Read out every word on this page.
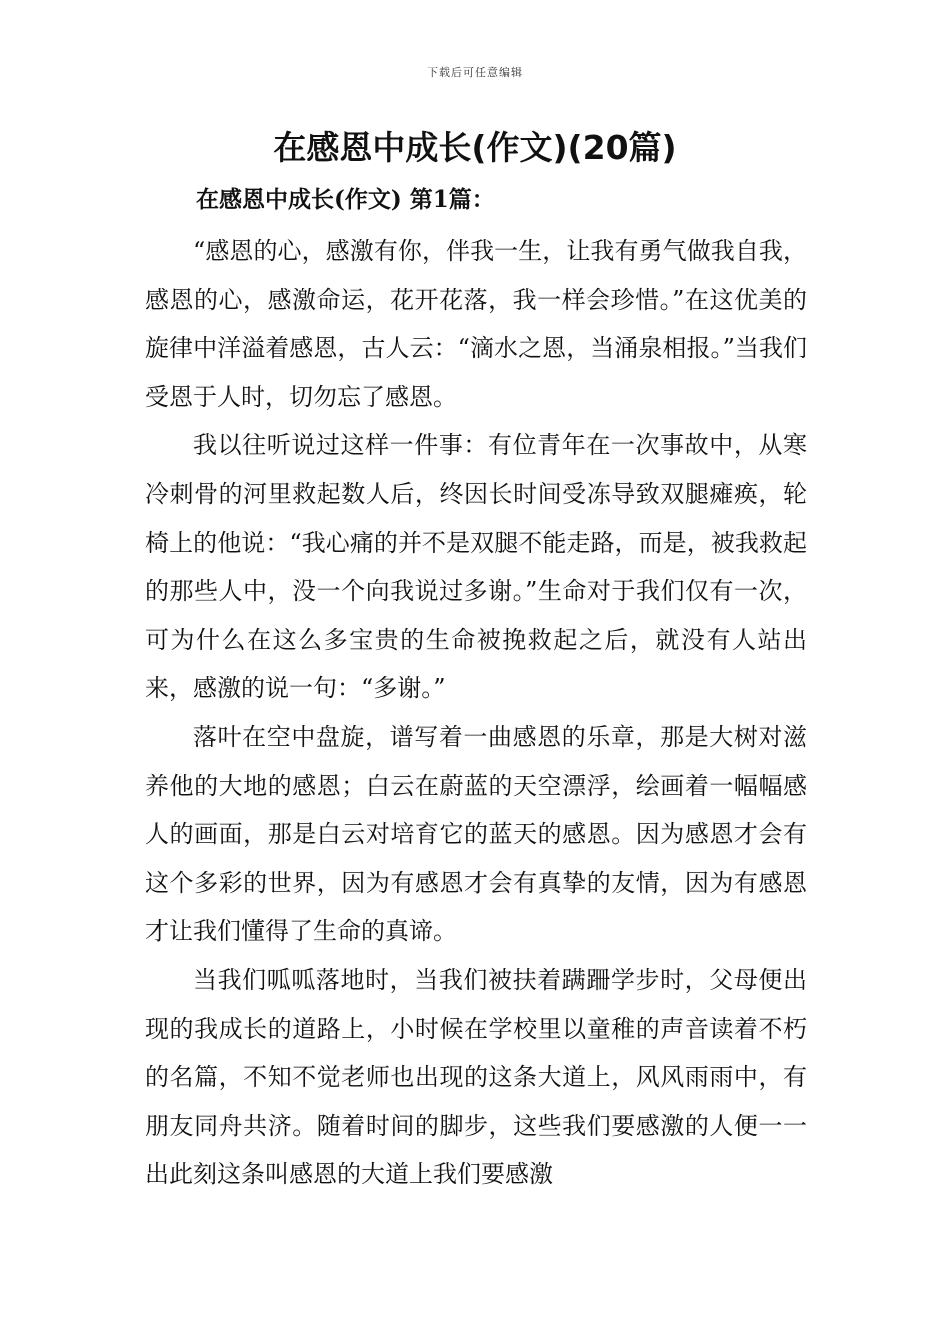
下载后可任意编辑
在感恩中成长(作文)(20篇)
在感恩中成长(作文) 第1篇：

“感恩的心，感激有你，伴我一生，让我有勇气做我自我，感恩的心，感激命运，花开花落，我一样会珍惜。”在这优美的旋律中洋溢着感恩，古人云：“滴水之恩，当涌泉相报。”当我们受恩于人时，切勿忘了感恩。

我以往听说过这样一件事：有位青年在一次事故中，从寒冷刺骨的河里救起数人后，终因长时间受冻导致双腿瘫痪，轮椅上的他说：“我心痛的并不是双腿不能走路，而是，被我救起的那些人中，没一个向我说过多谢。”生命对于我们仅有一次，可为什么在这么多宝贵的生命被挽救起之后，就没有人站出来，感激的说一句：“多谢。”

落叶在空中盘旋，谱写着一曲感恩的乐章，那是大树对滋养他的大地的感恩；白云在蔚蓝的天空漂浮，绘画着一幅幅感人的画面，那是白云对培育它的蓝天的感恩。因为感恩才会有这个多彩的世界，因为有感恩才会有真挚的友情，因为有感恩才让我们懂得了生命的真谛。

当我们呱呱落地时，当我们被扶着蹒跚学步时，父母便出现的我成长的道路上，小时候在学校里以童稚的声音读着不朽的名篇，不知不觉老师也出现的这条大道上，风风雨雨中，有朋友同舟共济。随着时间的脚步，这些我们要感激的人便一一出此刻这条叫感恩的大道上我们要感激
